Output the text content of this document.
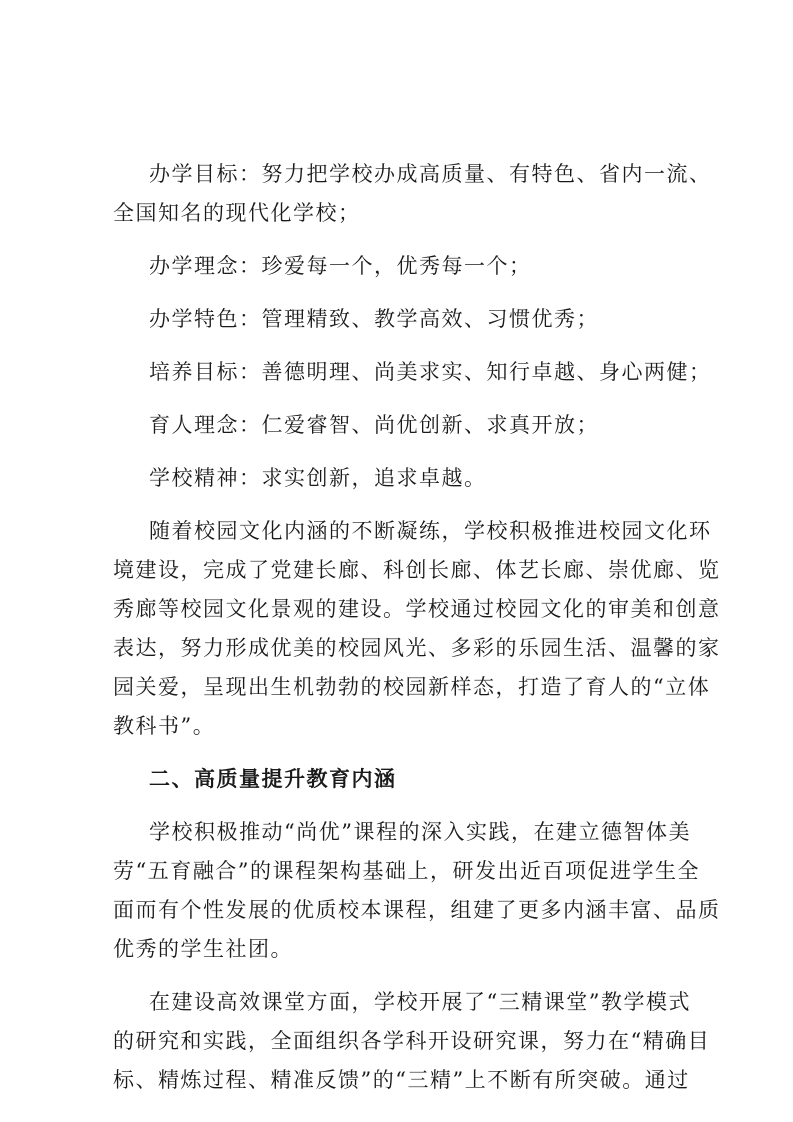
办学目标：努力把学校办成高质量、有特色、省内一流、
全国知名的现代化学校；
办学理念：珍爱每一个，优秀每一个；
办学特色：管理精致、教学高效、习惯优秀；
培养目标：善德明理、尚美求实、知行卓越、身心两健；
育人理念：仁爱睿智、尚优创新、求真开放；
学校精神：求实创新，追求卓越。
随着校园文化内涵的不断凝练，学校积极推进校园文化环
境建设，完成了党建长廊、科创长廊、体艺长廊、崇优廊、览
秀廊等校园文化景观的建设。学校通过校园文化的审美和创意
表达，努力形成优美的校园风光、多彩的乐园生活、温馨的家
园关爱，呈现出生机勃勃的校园新样态，打造了育人的“立体
教科书”。
二、高质量提升教育内涵
学校积极推动“尚优”课程的深入实践，在建立德智体美
劳“五育融合”的课程架构基础上，研发出近百项促进学生全
面而有个性发展的优质校本课程，组建了更多内涵丰富、品质
优秀的学生社团。
在建设高效课堂方面，学校开展了“三精课堂”教学模式
的研究和实践，全面组织各学科开设研究课，努力在“精确目
标、精炼过程、精准反馈”的“三精”上不断有所突破。通过
